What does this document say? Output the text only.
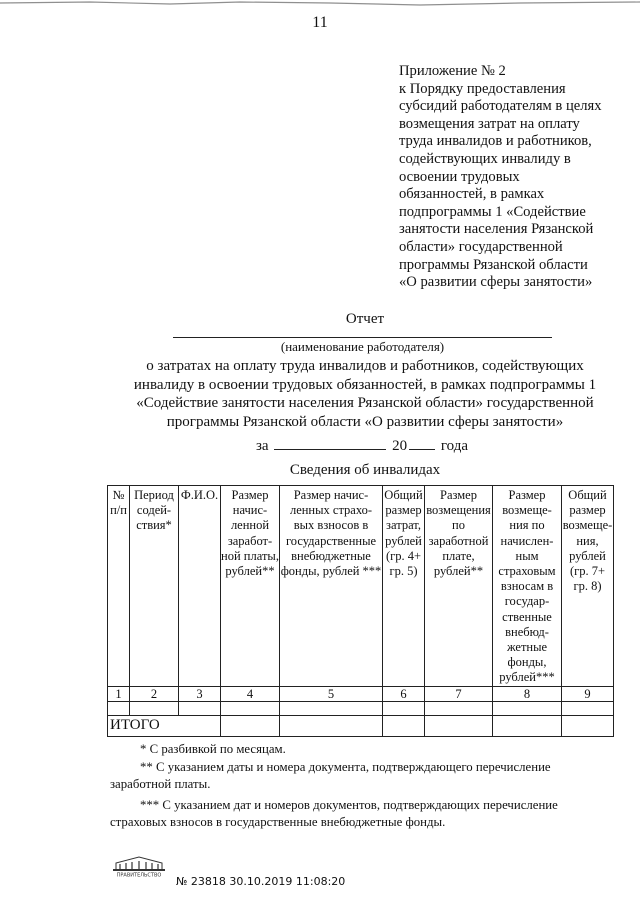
11
Приложение № 2
к Порядку предоставления
субсидий работодателям в целях
возмещения затрат на оплату
труда инвалидов и работников,
содействующих инвалиду в
освоении трудовых
обязанностей, в рамках
подпрограммы 1 «Содействие
занятости населения Рязанской
области» государственной
программы Рязанской области
«О развитии сферы занятости»
Отчет
(наименование работодателя)
о затратах на оплату труда инвалидов и работников, содействующих
инвалиду в освоении трудовых обязанностей, в рамках подпрограммы 1
«Содействие занятости населения Рязанской области» государственной
программы Рязанской области «О развитии сферы занятости»
за	20 года
Сведения об инвалидах
№ п/п	Период содей-ствия*	Ф.И.О.	Размер начис-ленной заработ-ной платы, рублей**	Размер начис-ленных страхо-вых взносов в государственные внебюджетные фонды, рублей ***	Общий размер затрат, рублей (гр. 4+ гр. 5)	Размер возмещения по заработной плате, рублей**	Размер возмеще-ния по начислен-ным страховым взносам в государ-ственные внебюд-жетные фонды, рублей***	Общий размер возмеще-ния, рублей (гр. 7+ гр. 8)
1	2	3	4	5	6	7	8	9

ИТОГО								

* С разбивкой по месяцам.

** С указанием даты и номера документа, подтверждающего перечисление

заработной платы.

*** С указанием дат и номеров документов, подтверждающих перечисление

страховых взносов в государственные внебюджетные фонды.

ПРАВИТЕЛЬСТВО № 23818 30.10.2019 11:08:20
